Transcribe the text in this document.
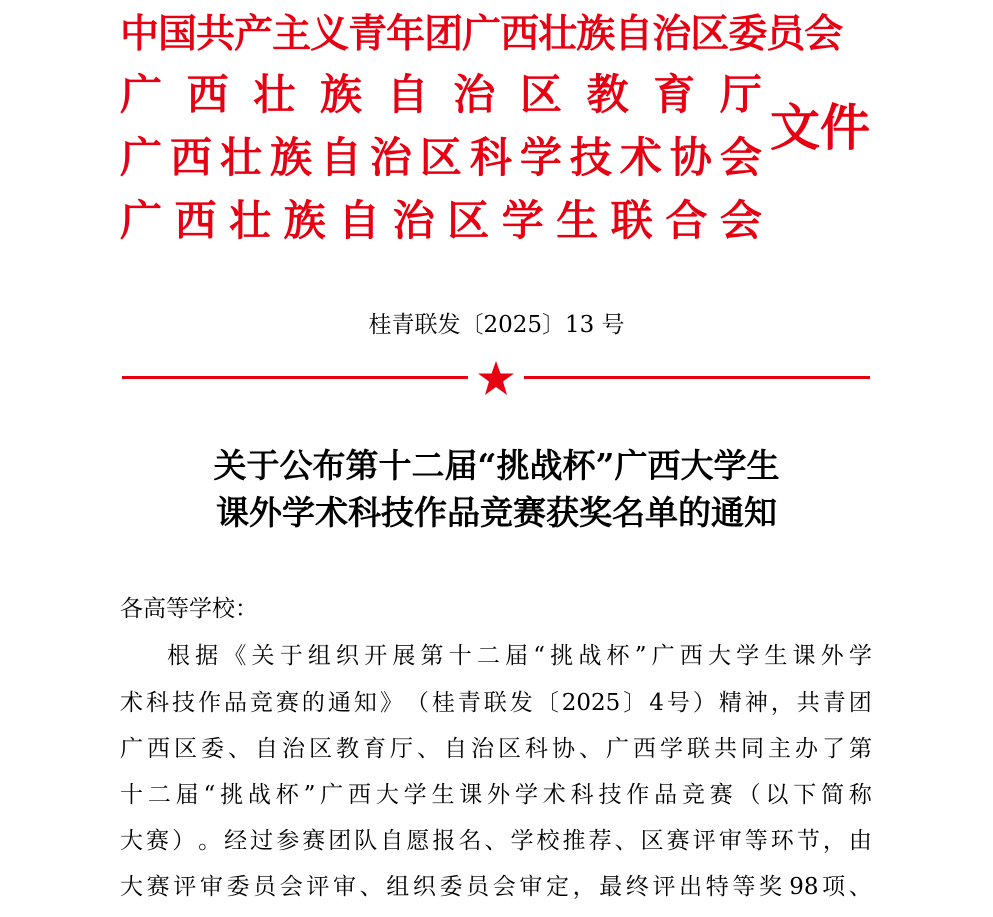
中 国 共 产 主 义 青 年 团 广 西 壮 族 自 治 区 委 员 会
广 西 壮 族 自 治 区 教 育 厅
广 西 壮 族 自 治 区 科 学 技 术 协 会
广 西 壮 族 自 治 区 学 生 联 合 会
文件
桂青联发〔2025〕13 号
关于公布第十二届“挑战杯”广西大学生
课外学术科技作品竞赛获奖名单的通知
各高等学校：
根 据 《 关 于 组 织 开 展 第 十 二 届 “ 挑 战 杯 ” 广 西 大 学 生 课 外 学
术 科 技 作 品 竞 赛 的 通 知 》 （ 桂 青 联 发 〔 2025 〕 4 号 ） 精 神 ， 共 青 团
广 西 区 委 、 自 治 区 教 育 厅 、 自 治 区 科 协 、 广 西 学 联 共 同 主 办 了 第
十 二 届 “ 挑 战 杯 ” 广 西 大 学 生 课 外 学 术 科 技 作 品 竞 赛 （ 以 下 简 称
大 赛 ） 。 经 过 参 赛 团 队 自 愿 报 名 、 学 校 推 荐 、 区 赛 评 审 等 环 节 ， 由
大 赛 评 审 委 员 会 评 审 、 组 织 委 员 会 审 定 ， 最 终 评 出 特 等 奖 98 项 、
